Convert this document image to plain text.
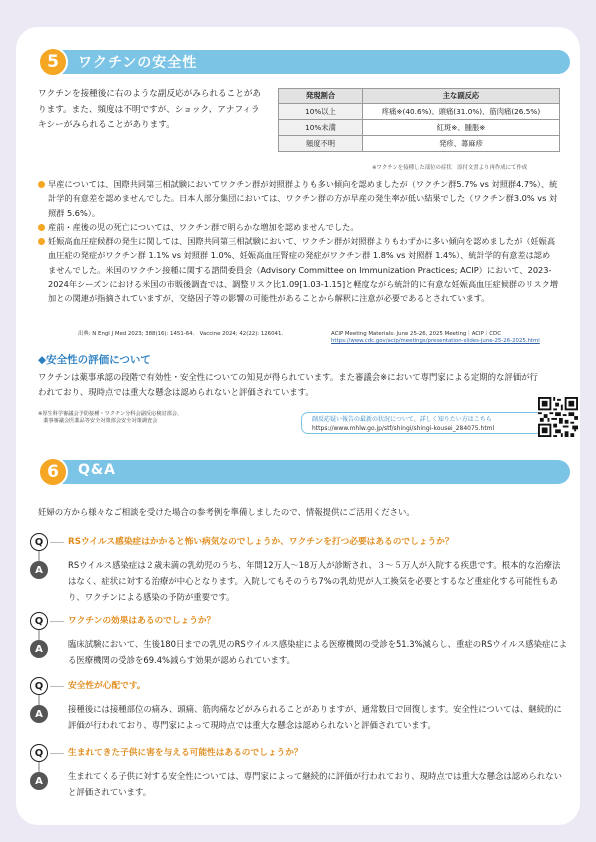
5	ワクチンの安全性
ワクチンを接種後に右のような副反応がみられることがあります。また、頻度は不明ですが、ショック、アナフィラキシーがみられることがあります。
発現割合	主な副反応
10%以上	疼痛※(40.6%)、頭痛(31.0%)、筋肉痛(26.5%)
10%未満	紅斑※、腫脹※
頻度不明	発疹、蕁麻疹
※ワクチンを接種した部位の症状　添付文書より再作成にて作成
早産については、国際共同第三相試験においてワクチン群が対照群よりも多い傾向を認めましたが（ワクチン群5.7% vs 対照群4.7%）、統計学的有意差を認めませんでした。日本人部分集団においては、ワクチン群の方が早産の発生率が低い結果でした（ワクチン群3.0% vs 対照群 5.6%）。
産前・産後の児の死亡については、ワクチン群で明らかな増加を認めませんでした。
妊娠高血圧症候群の発生に関しては、国際共同第三相試験において、ワクチン群が対照群よりもわずかに多い傾向を認めましたが（妊娠高血圧症の発症がワクチン群 1.1% vs 対照群 1.0%、妊娠高血圧腎症の発症がワクチン群 1.8% vs 対照群 1.4%）、統計学的有意差は認めませんでした。米国のワクチン接種に関する諮問委員会（Advisory Committee on Immunization Practices; ACIP）において、2023-2024年シーズンにおける米国の市販後調査では、調整リスク比1.09[1.03-1.15]と軽度ながら統計的に有意な妊娠高血圧症候群のリスク増加との関連が指摘されていますが、交絡因子等の影響の可能性があることから解釈に注意が必要であるとされています。
出典: N Engl J Med 2023; 388(16): 1451-64.　Vaccine 2024; 42(22): 126041.	ACIP Meeting Materials: June 25-26, 2025 Meeting｜ACIP｜CDC
https://www.cdc.gov/acip/meetings/presentation-slides-june-25-26-2025.html
◆安全性の評価について
ワクチンは薬事承認の段階で有効性・安全性についての知見が得られています。また審議会※において専門家による定期的な評価が行われており、現時点では重大な懸念は認められないと評価されています。
※厚生科学審議会予防接種・ワクチン分科会副反応検討部会、
　薬事審議会医薬品等安全対策部会安全対策調査会	副反応疑い報告の最新の状況について、詳しく知りたい方はこちら
https://www.mhlw.go.jp/stf/shingi/shingi-kousei_284075.html
6	Q&A
妊婦の方から様々なご相談を受けた場合の参考例を準備しましたので、情報提供にご活用ください。
Q
A
RSウイルス感染症はかかると怖い病気なのでしょうか、ワクチンを打つ必要はあるのでしょうか？
RSウイルス感染症は２歳未満の乳幼児のうち、年間12万人～18万人が診断され、３～５万人が入院する疾患です。根本的な治療法はなく、症状に対する治療が中心となります。入院してもそのうち7%の乳幼児が人工換気を必要とするなど重症化する可能性もあり、ワクチンによる感染の予防が重要です。
Q
A
ワクチンの効果はあるのでしょうか？
臨床試験において、生後180日までの乳児のRSウイルス感染症による医療機関の受診を51.3%減らし、重症のRSウイルス感染症による医療機関の受診を69.4%減らす効果が認められています。
Q
A
安全性が心配です。
接種後には接種部位の痛み、頭痛、筋肉痛などがみられることがありますが、通常数日で回復します。安全性については、継続的に評価が行われており、専門家によって現時点では重大な懸念は認められないと評価されています。
Q
A
生まれてきた子供に害を与える可能性はあるのでしょうか？
生まれてくる子供に対する安全性については、専門家によって継続的に評価が行われており、現時点では重大な懸念は認められないと評価されています。
